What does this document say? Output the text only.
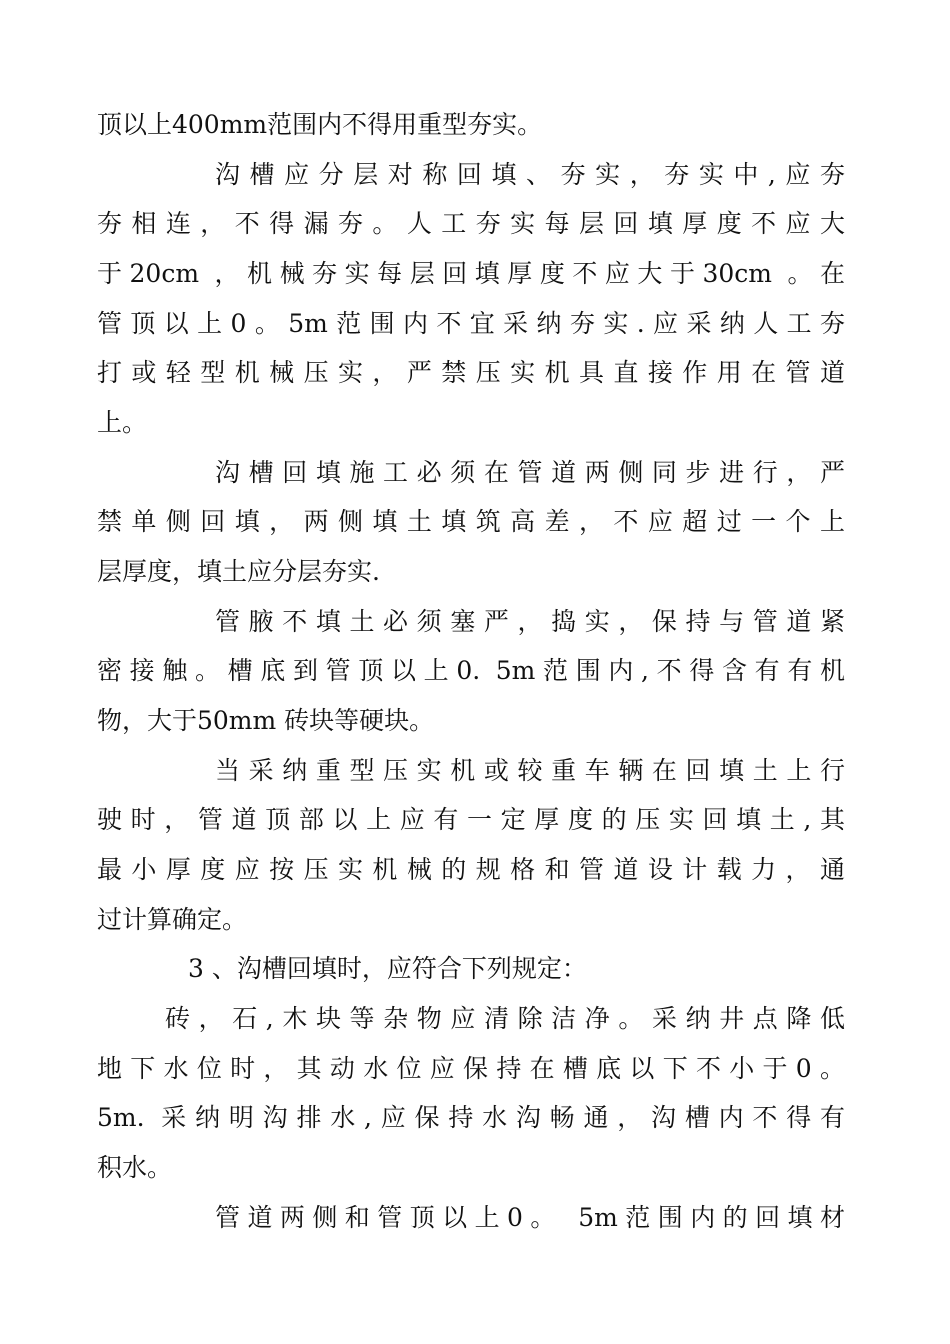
顶以上400mm范围内不得用重型夯实。
沟槽应分层对称回填、夯实，夯实中,应夯
夯相连，不得漏夯。人工夯实每层回填厚度不应大
于20cm ，机械夯实每层回填厚度不应大于30cm 。在
管顶以上0。5m范围内不宜采纳夯实.应采纳人工夯
打或轻型机械压实，严禁压实机具直接作用在管道
上。
沟槽回填施工必须在管道两侧同步进行，严
禁单侧回填，两侧填土填筑高差，不应超过一个上
层厚度，填土应分层夯实.
管腋不填土必须塞严，捣实，保持与管道紧
密接触。槽底到管顶以上0. 5m范围内,不得含有有机
物，大于50mm 砖块等硬块。
当采纳重型压实机或较重车辆在回填土上行
驶时，管道顶部以上应有一定厚度的压实回填土,其
最小厚度应按压实机械的规格和管道设计载力，通
过计算确定。
3 、沟槽回填时，应符合下列规定：
砖，石,木块等杂物应清除洁净。采纳井点降低
地下水位时，其动水位应保持在槽底以下不小于0。
5m. 采纳明沟排水,应保持水沟畅通，沟槽内不得有
积水。
管道两侧和管顶以上0。 5m范围内的回填材
